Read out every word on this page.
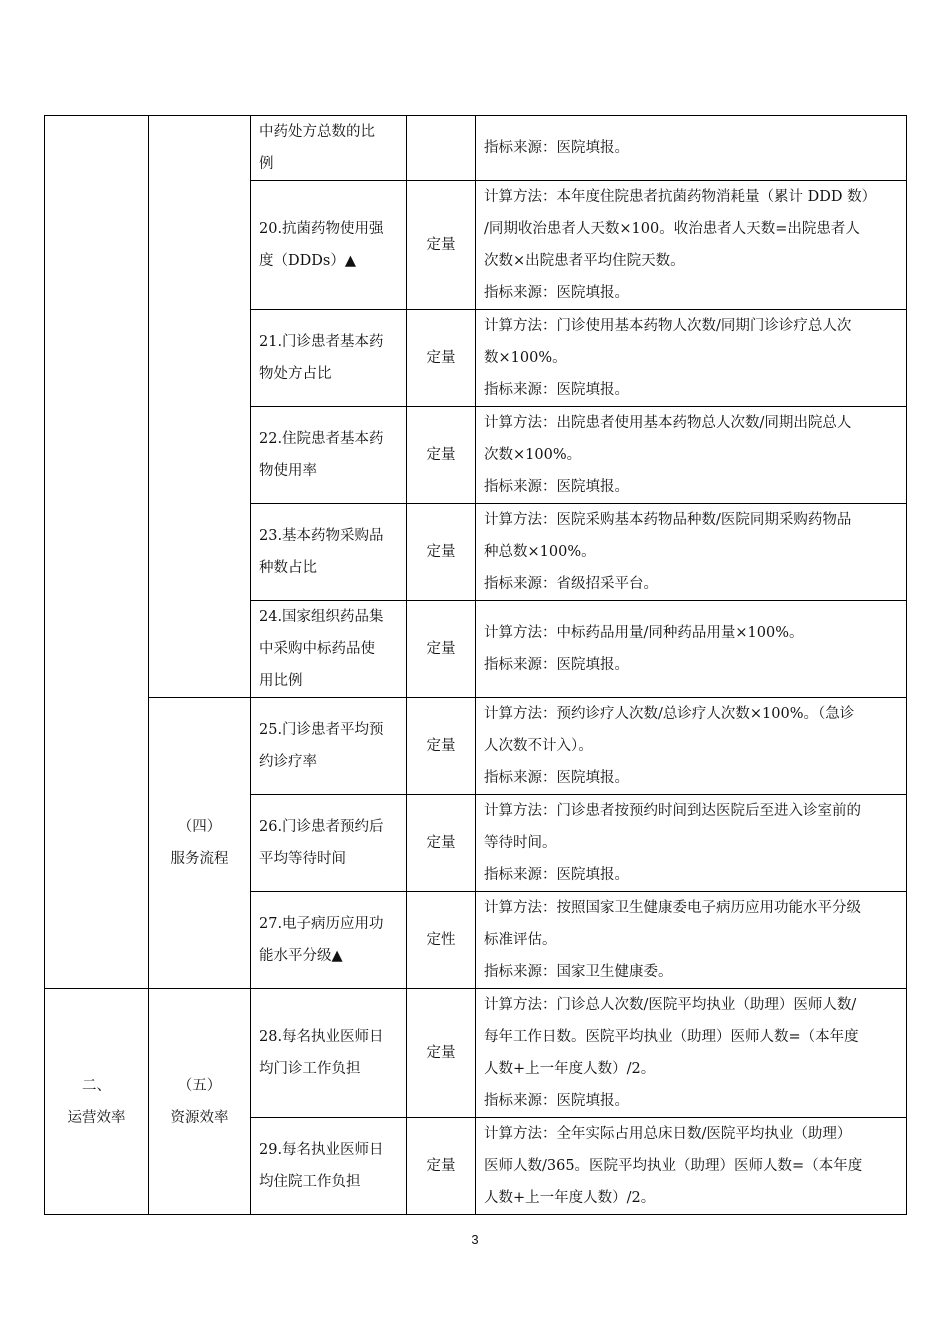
		中药处方总数的比
例		指标来源：医院填报。

		20.抗菌药物使用强
度（DDDs）▲	定量	计算方法：本年度住院患者抗菌药物消耗量（累计 DDD 数）
/同期收治患者人天数×100。收治患者人天数=出院患者人
次数×出院患者平均住院天数。
指标来源：医院填报。

		21.门诊患者基本药
物处方占比	定量	计算方法：门诊使用基本药物人次数/同期门诊诊疗总人次
数×100%。
指标来源：医院填报。

		22.住院患者基本药
物使用率	定量	计算方法：出院患者使用基本药物总人次数/同期出院总人
次数×100%。
指标来源：医院填报。

		23.基本药物采购品
种数占比	定量	计算方法：医院采购基本药物品种数/医院同期采购药物品
种总数×100%。
指标来源：省级招采平台。

		24.国家组织药品集
中采购中标药品使
用比例	定量	计算方法：中标药品用量/同种药品用量×100%。
指标来源：医院填报。

	（四）
服务流程	25.门诊患者平均预
约诊疗率	定量	计算方法：预约诊疗人次数/总诊疗人次数×100%。（急诊
人次数不计入）。
指标来源：医院填报。

		26.门诊患者预约后
平均等待时间	定量	计算方法：门诊患者按预约时间到达医院后至进入诊室前的
等待时间。
指标来源：医院填报。

		27.电子病历应用功
能水平分级▲	定性	计算方法：按照国家卫生健康委电子病历应用功能水平分级
标准评估。
指标来源：国家卫生健康委。

二、
运营效率	（五）
资源效率	28.每名执业医师日
均门诊工作负担	定量	计算方法：门诊总人次数/医院平均执业（助理）医师人数/
每年工作日数。医院平均执业（助理）医师人数=（本年度
人数+上一年度人数）/2。
指标来源：医院填报。

		29.每名执业医师日
均住院工作负担	定量	计算方法：全年实际占用总床日数/医院平均执业（助理）
医师人数/365。医院平均执业（助理）医师人数=（本年度
人数+上一年度人数）/2。
3
